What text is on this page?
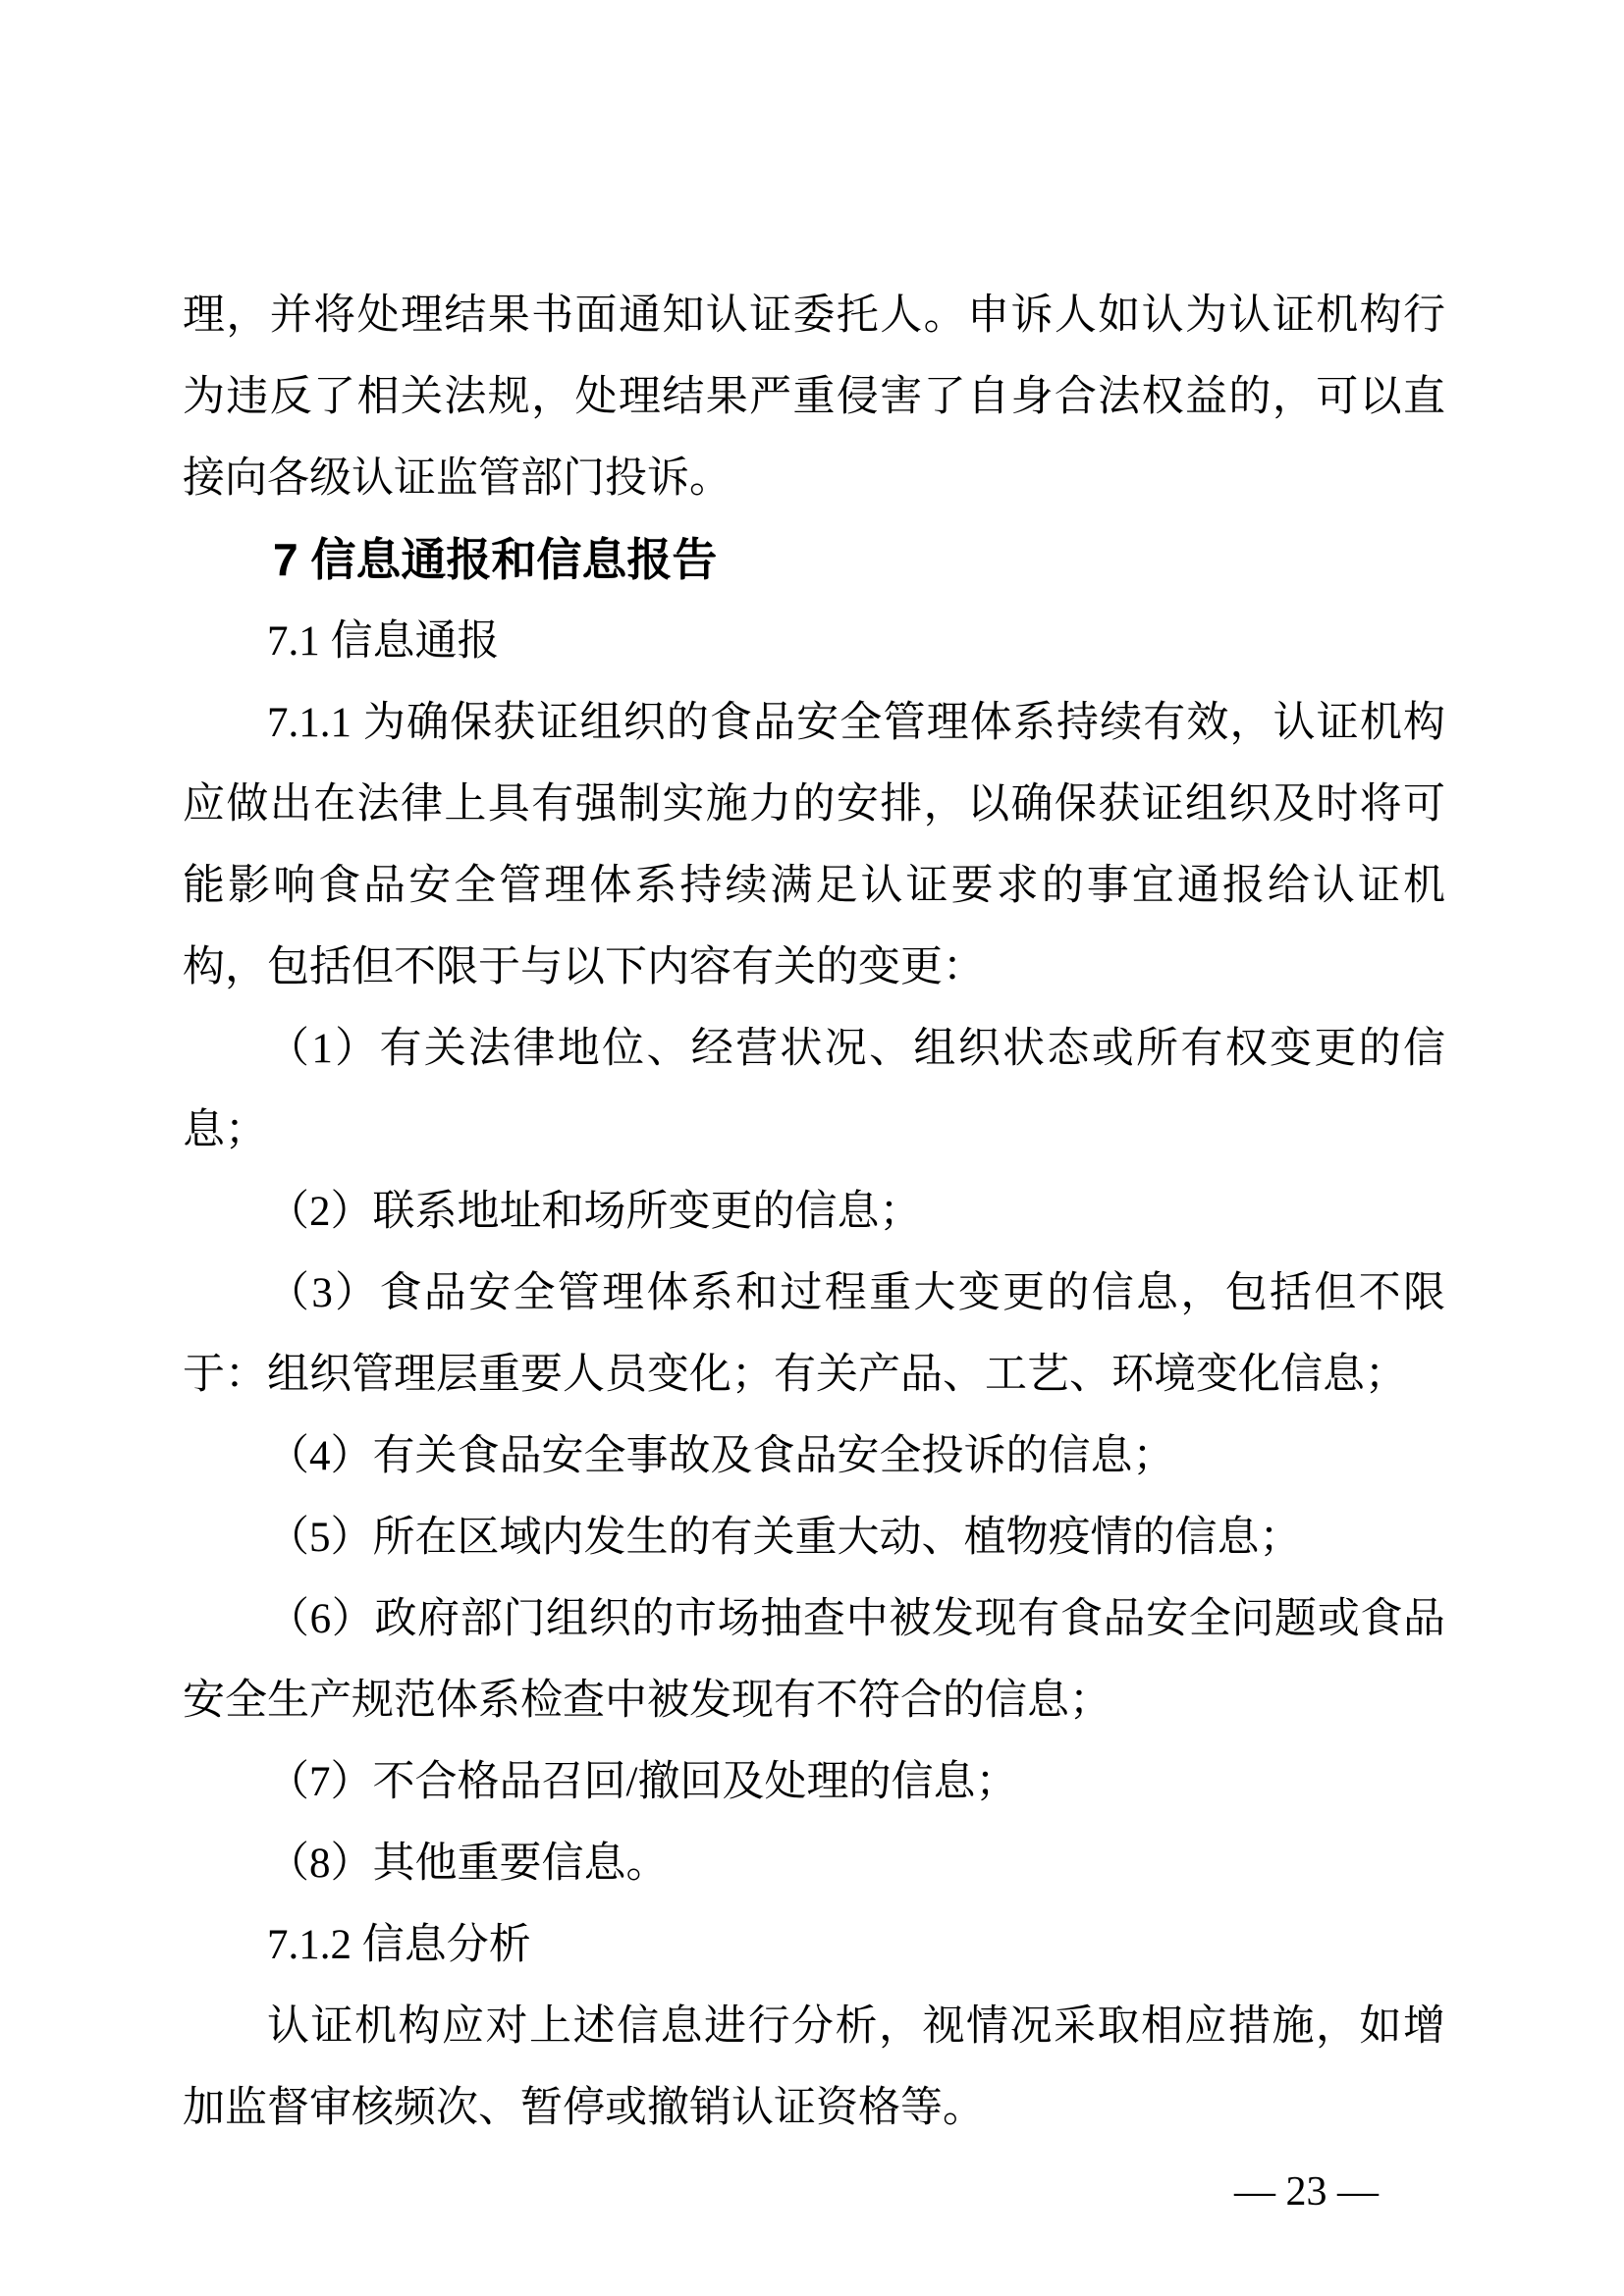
理，并将处理结果书面通知认证委托人。申诉人如认为认证机构行为违反了相关法规，处理结果严重侵害了自身合法权益的，可以直接向各级认证监管部门投诉。

7 信息通报和信息报告

7.1 信息通报

7.1.1 为确保获证组织的食品安全管理体系持续有效，认证机构应做出在法律上具有强制实施力的安排，以确保获证组织及时将可能影响食品安全管理体系持续满足认证要求的事宜通报给认证机构，包括但不限于与以下内容有关的变更：

（1）有关法律地位、经营状况、组织状态或所有权变更的信息；

（2）联系地址和场所变更的信息；

（3）食品安全管理体系和过程重大变更的信息，包括但不限于：组织管理层重要人员变化；有关产品、工艺、环境变化信息；

（4）有关食品安全事故及食品安全投诉的信息；

（5）所在区域内发生的有关重大动、植物疫情的信息；

（6）政府部门组织的市场抽查中被发现有食品安全问题或食品安全生产规范体系检查中被发现有不符合的信息；

（7）不合格品召回/撤回及处理的信息；

（8）其他重要信息。

7.1.2 信息分析

认证机构应对上述信息进行分析，视情况采取相应措施，如增加监督审核频次、暂停或撤销认证资格等。

— 23 —
